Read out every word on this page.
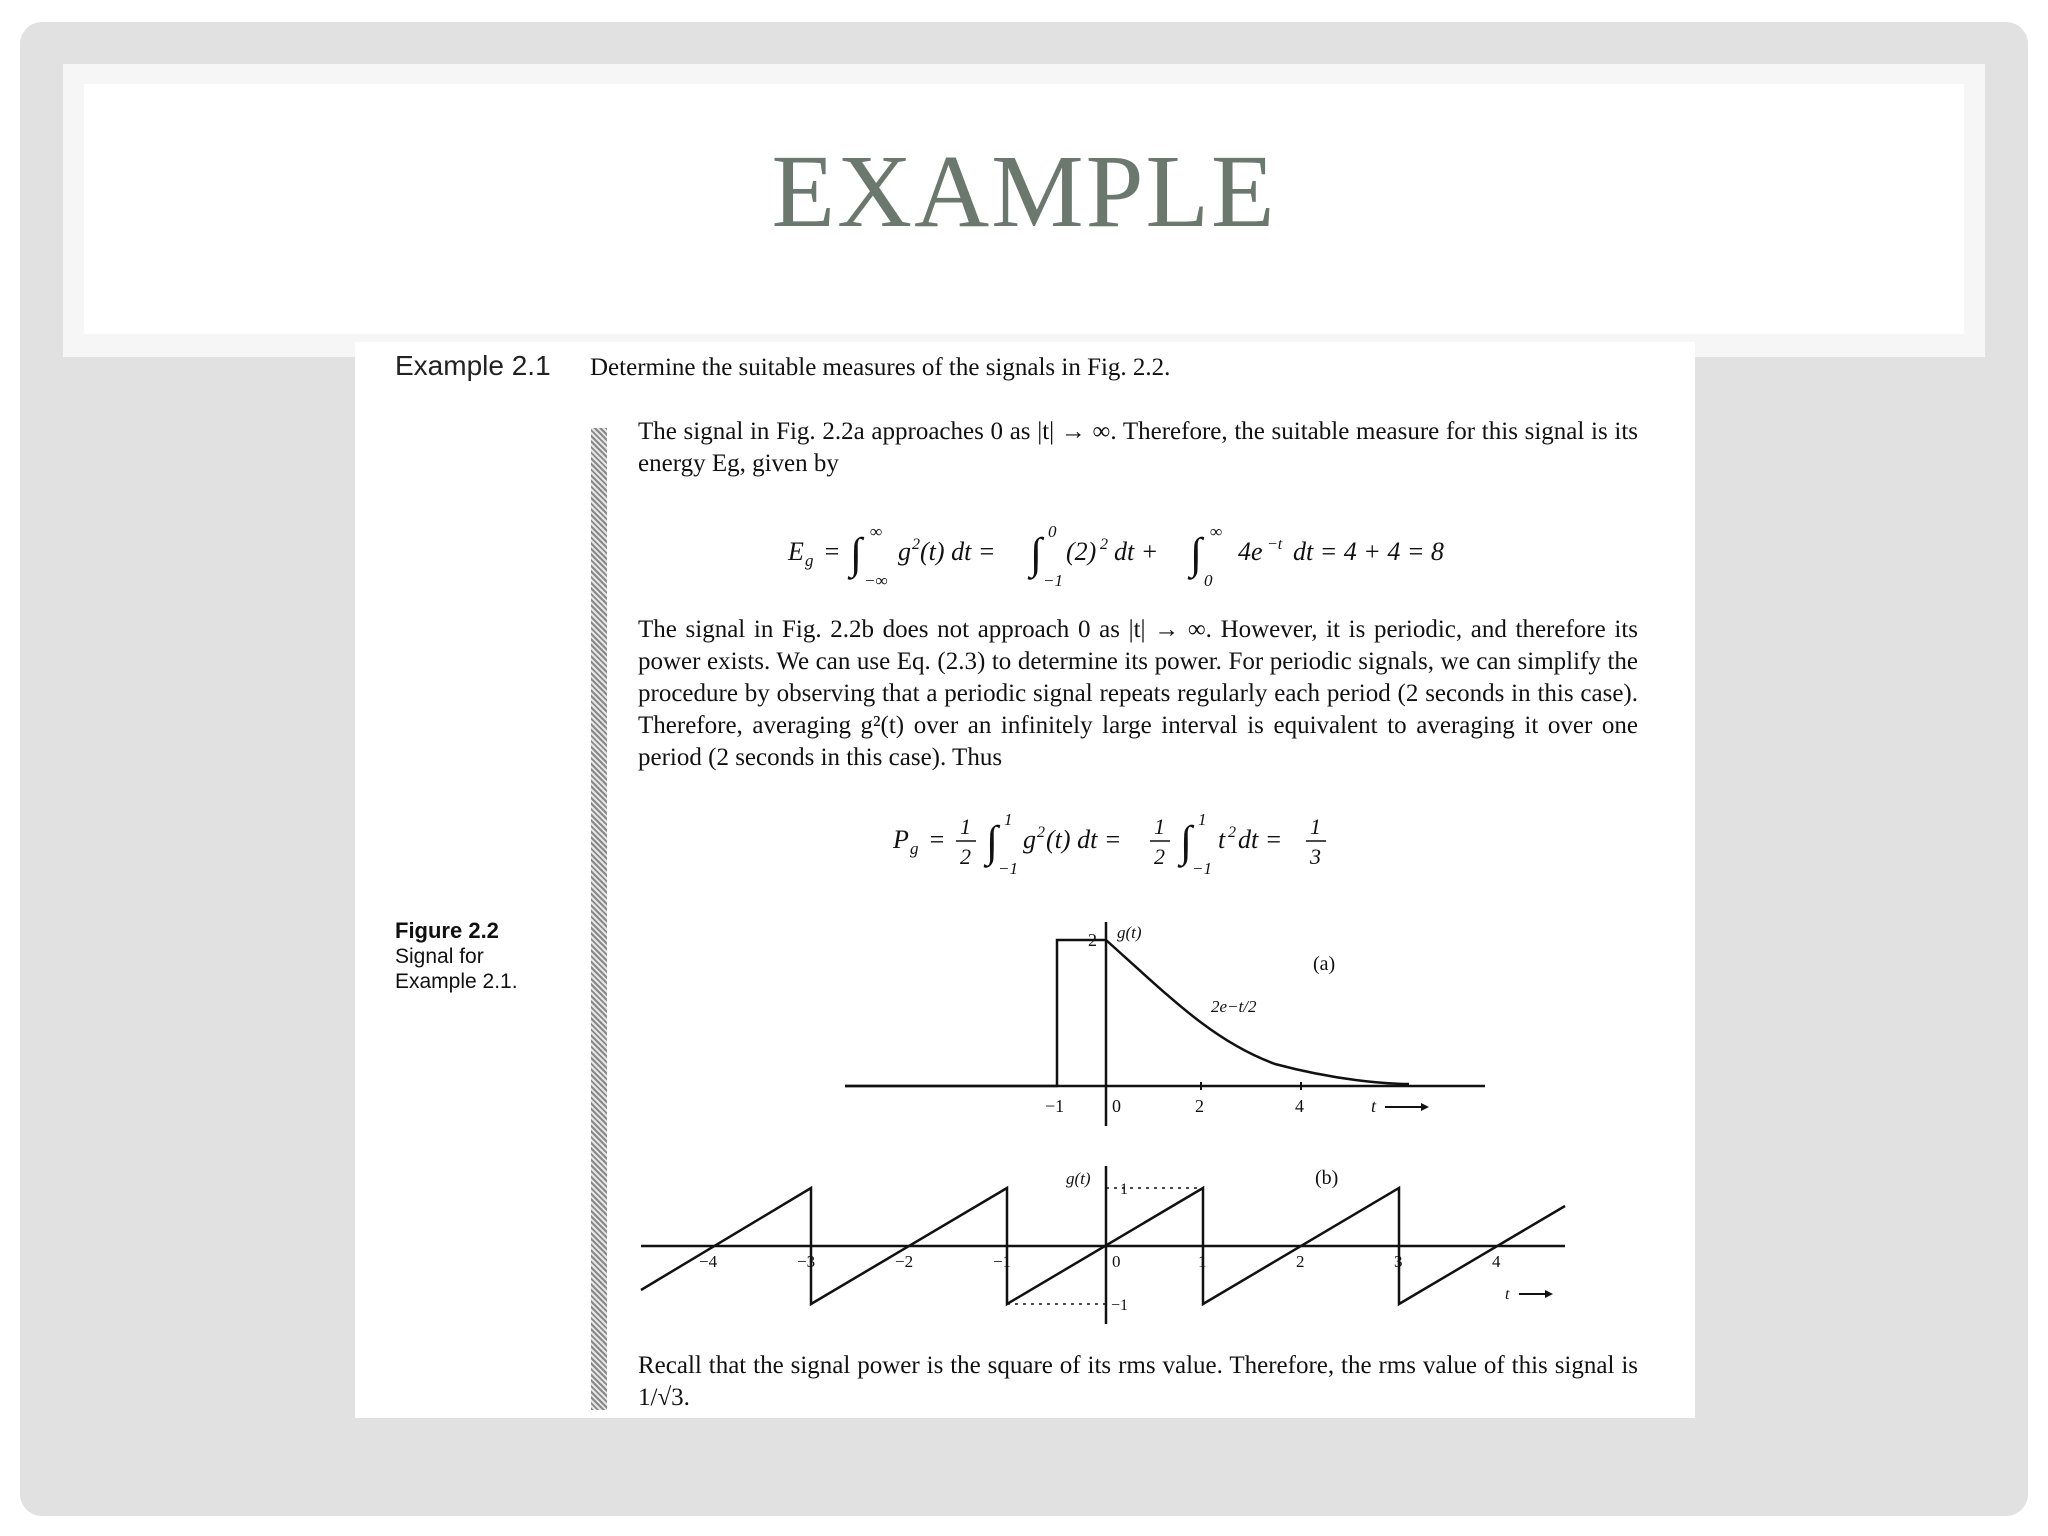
EXAMPLE
Example 2.1 Determine the suitable measures of the signals in Fig. 2.2.
The signal in Fig. 2.2a approaches 0 as |t| → ∞. Therefore, the suitable measure for this signal is its energy Eg, given by
E g = ∫ ∞
−∞
g 2 (t) dt = ∫ 0
−1
(2) 2 dt + ∫ ∞
0
4e −t dt = 4 + 4 = 8
The signal in Fig. 2.2b does not approach 0 as |t| → ∞. However, it is periodic, and therefore its power exists. We can use Eq. (2.3) to determine its power. For periodic signals, we can simplify the procedure by observing that a periodic signal repeats regularly each period (2 seconds in this case). Therefore, averaging g²(t) over an infinitely large interval is equivalent to averaging it over one period (2 seconds in this case). Thus
P g = 1
2 ∫ 1
−1
g 2 (t) dt = 1
2 ∫ 1
−1
t 2 dt = 1
3
Figure 2.2
Signal for
Example 2.1.
2 g(t)
(a)
2e−t/2
−1	0	2	4	t
g(t)
1
−1
(b)
−4	−3	−2	−1	0	1	2	3	4
t
Recall that the signal power is the square of its rms value. Therefore, the rms value of this signal is 1/√3.
